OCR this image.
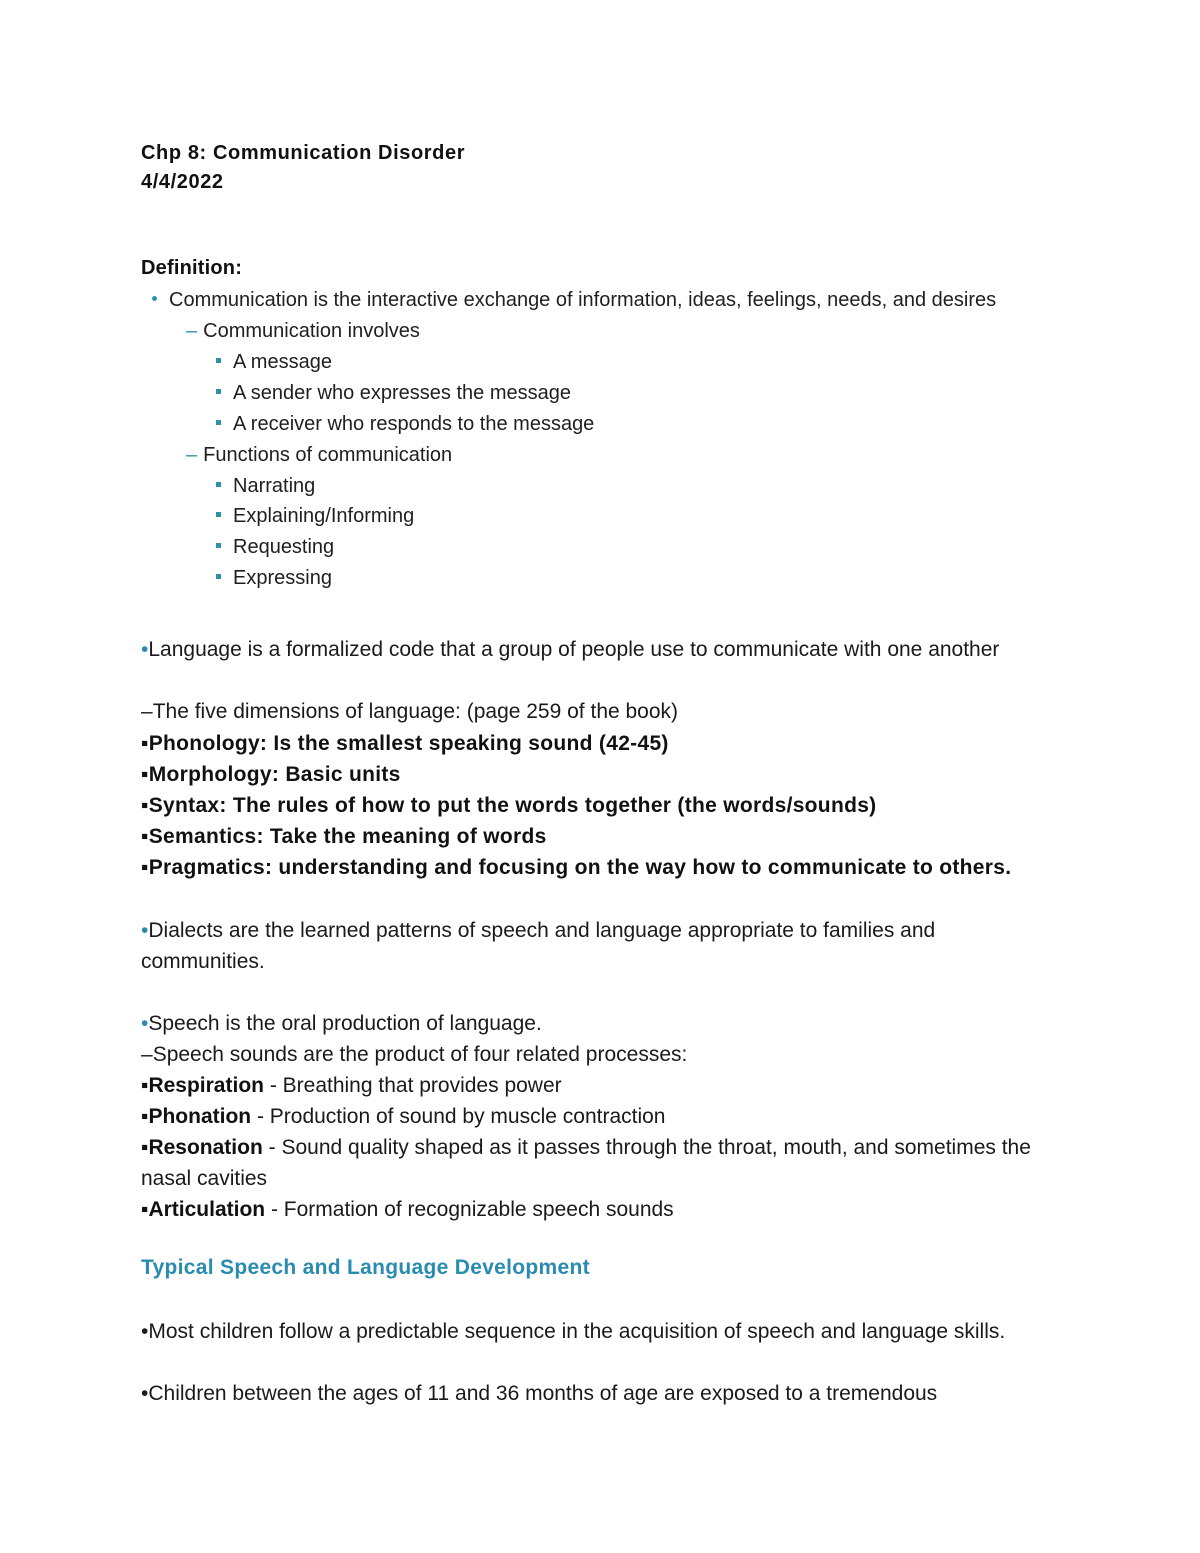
Chp 8: Communication Disorder
4/4/2022
Definition:
Communication is the interactive exchange of information, ideas, feelings, needs, and desires
– Communication involves
A message
A sender who expresses the message
A receiver who responds to the message
– Functions of communication
Narrating
Explaining/Informing
Requesting
Expressing
•Language is a formalized code that a group of people use to communicate with one another
–The five dimensions of language: (page 259 of the book)
▪Phonology: Is the smallest speaking sound (42-45)
▪Morphology: Basic units
▪Syntax: The rules of how to put the words together (the words/sounds)
▪Semantics: Take the meaning of words
▪Pragmatics: understanding and focusing on the way how to communicate to others.
•Dialects are the learned patterns of speech and language appropriate to families and communities.
•Speech is the oral production of language.
–Speech sounds are the product of four related processes:
▪Respiration - Breathing that provides power
▪Phonation - Production of sound by muscle contraction
▪Resonation - Sound quality shaped as it passes through the throat, mouth, and sometimes the nasal cavities
▪Articulation - Formation of recognizable speech sounds
Typical Speech and Language Development
•Most children follow a predictable sequence in the acquisition of speech and language skills.
•Children between the ages of 11 and 36 months of age are exposed to a tremendous
